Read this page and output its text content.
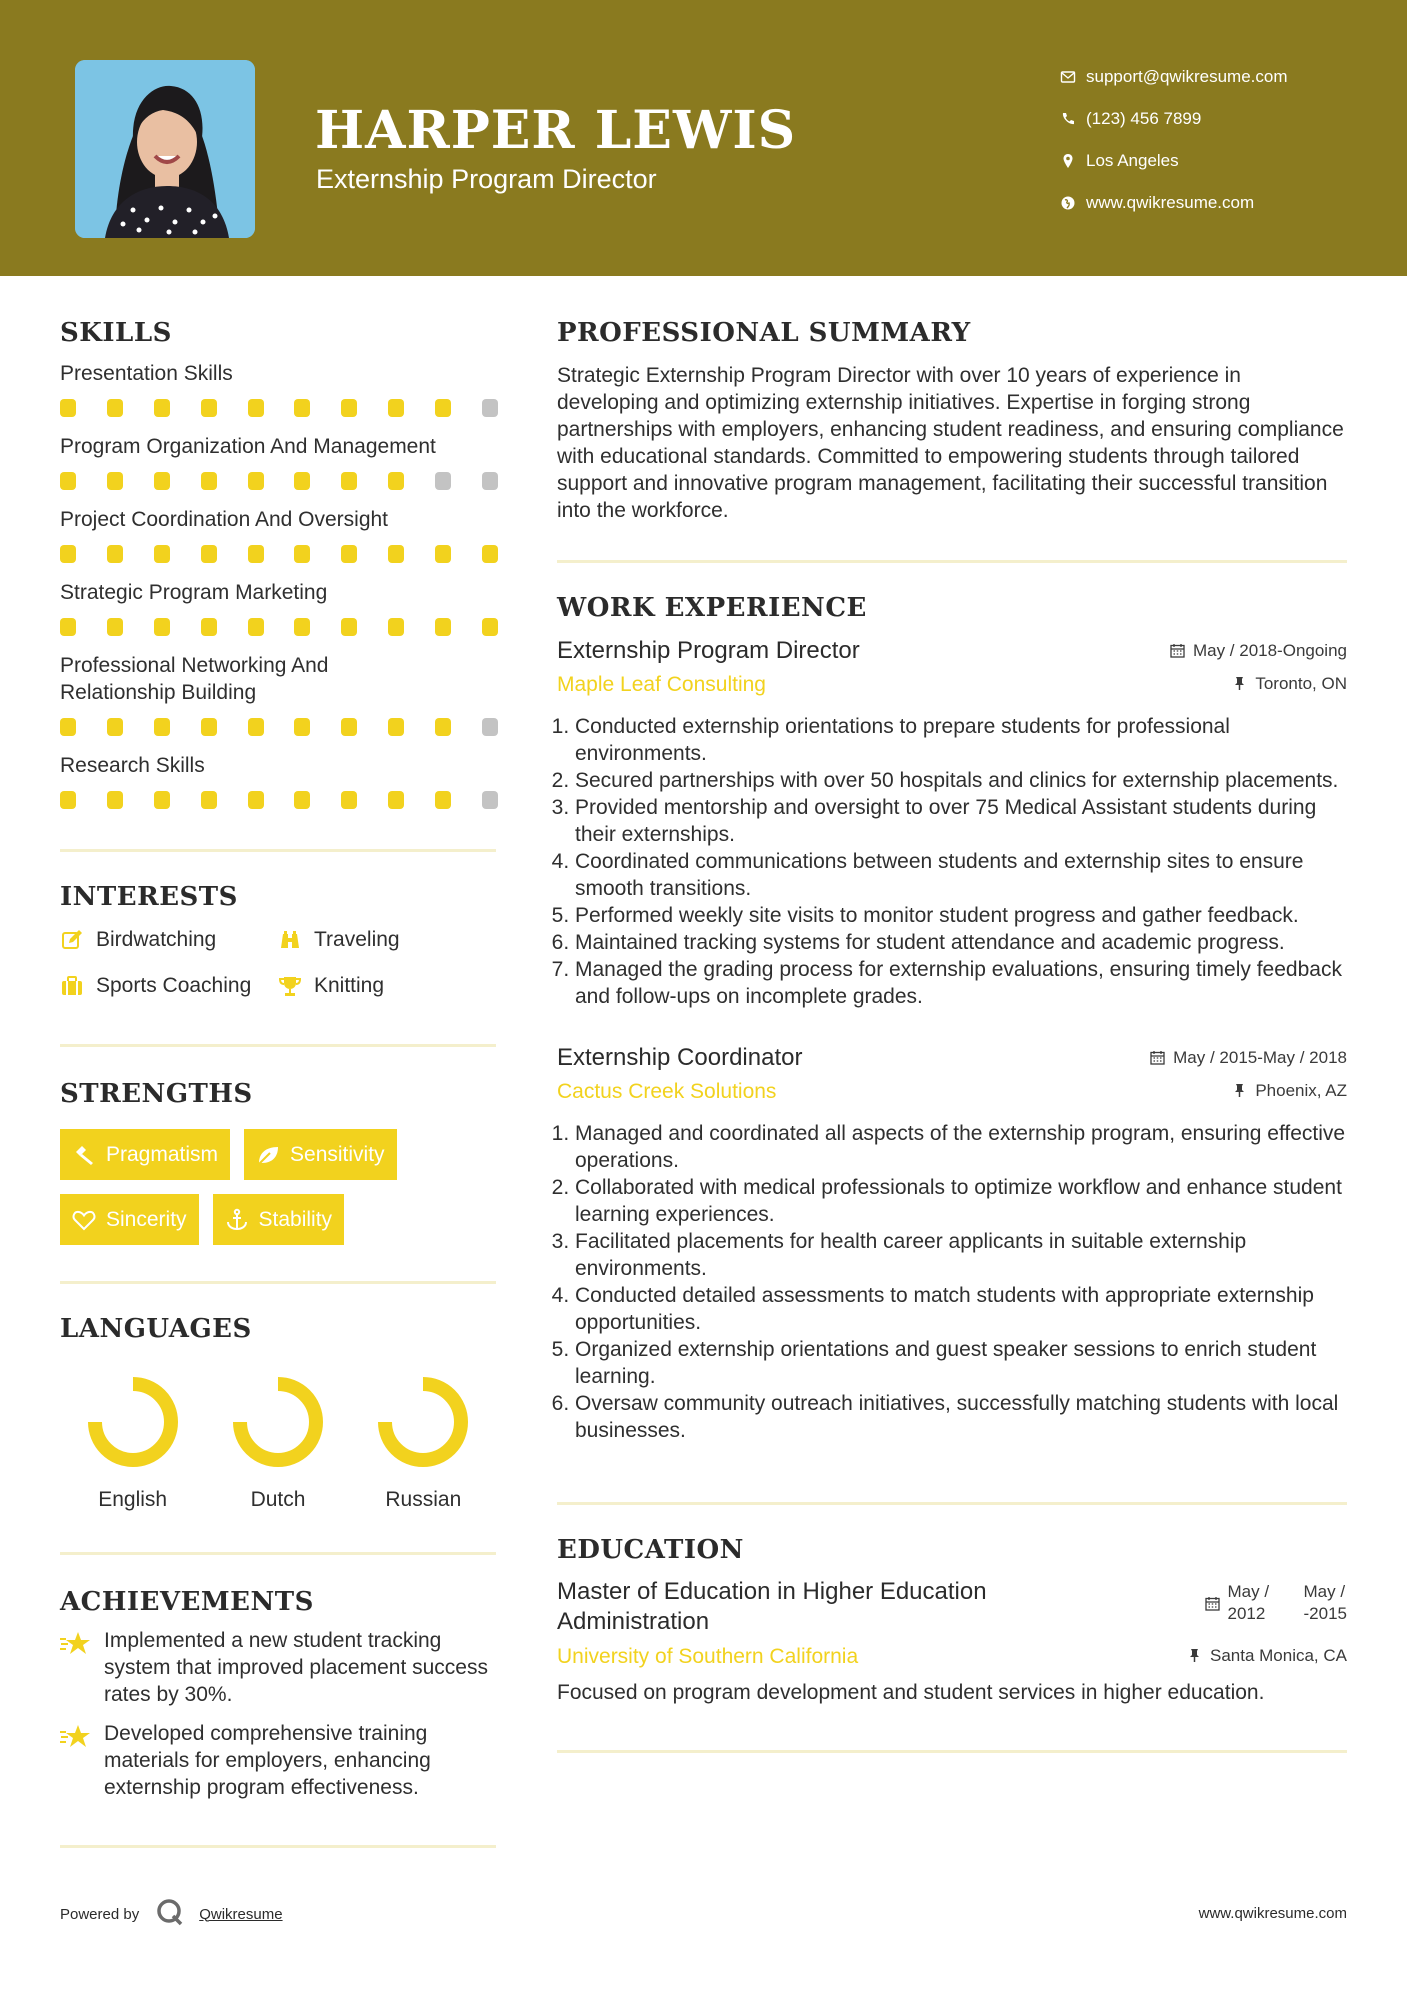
HARPER LEWIS
Externship Program Director
support@qwikresume.com
(123) 456 7899
Los Angeles
www.qwikresume.com
SKILLS
Presentation Skills
Program Organization And Management
Project Coordination And Oversight
Strategic Program Marketing
Professional Networking And Relationship Building
Research Skills
INTERESTS
Birdwatching	Traveling
Sports Coaching	Knitting
STRENGTHS
Pragmatism	Sensitivity
Sincerity	Stability
LANGUAGES
English	Dutch	Russian
ACHIEVEMENTS
Implemented a new student tracking system that improved placement success rates by 30%.
Developed comprehensive training materials for employers, enhancing externship program effectiveness.
PROFESSIONAL SUMMARY
Strategic Externship Program Director with over 10 years of experience in developing and optimizing externship initiatives. Expertise in forging strong partnerships with employers, enhancing student readiness, and ensuring compliance with educational standards. Committed to empowering students through tailored support and innovative program management, facilitating their successful transition into the workforce.
WORK EXPERIENCE
Externship Program Director	May / 2018-Ongoing
Maple Leaf Consulting	Toronto, ON
1. Conducted externship orientations to prepare students for professional environments.
2. Secured partnerships with over 50 hospitals and clinics for externship placements.
3. Provided mentorship and oversight to over 75 Medical Assistant students during their externships.
4. Coordinated communications between students and externship sites to ensure smooth transitions.
5. Performed weekly site visits to monitor student progress and gather feedback.
6. Maintained tracking systems for student attendance and academic progress.
7. Managed the grading process for externship evaluations, ensuring timely feedback and follow-ups on incomplete grades.
Externship Coordinator	May / 2015-May / 2018
Cactus Creek Solutions	Phoenix, AZ
1. Managed and coordinated all aspects of the externship program, ensuring effective operations.
2. Collaborated with medical professionals to optimize workflow and enhance student learning experiences.
3. Facilitated placements for health career applicants in suitable externship environments.
4. Conducted detailed assessments to match students with appropriate externship opportunities.
5. Organized externship orientations and guest speaker sessions to enrich student learning.
6. Oversaw community outreach initiatives, successfully matching students with local businesses.
EDUCATION
Master of Education in Higher Education Administration
May /
2012
May /
-2015
University of Southern California	Santa Monica, CA
Focused on program development and student services in higher education.
Powered by	Qwikresume	www.qwikresume.com
